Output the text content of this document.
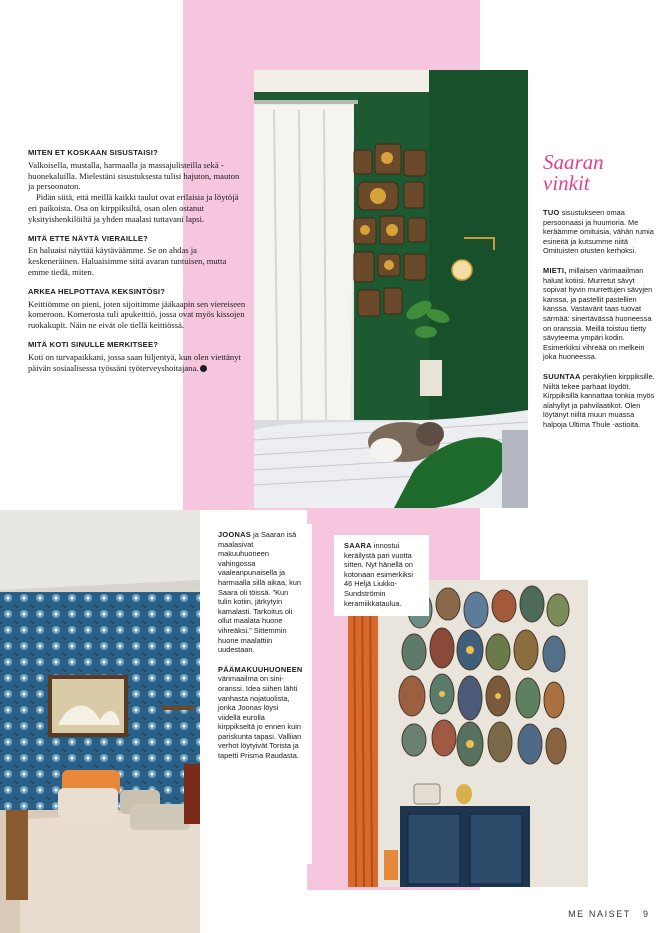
MITEN ET KOSKAAN SISUSTAISI?

Valkoisella, mustalla, harmaalla ja massajulisteilla sekä -huonekaluilla. Mielestäni sisustuksesta tulisi hajuton, mauton ja persoonaton.

Pidän siitä, että meillä kaikki taulut ovat erilaisia ja löytöjä eri paikoista. Osa on kirppiksiltä, osan olen ostanut yksityishenkilöiltä ja yhden maalasi tuttavani lapsi.

MITÄ ETTE NÄYTÄ VIERAILLE?

En haluaisi näyttää käytäväämme. Se on ahdas ja keskeneräinen. Haluaisimme siitä avaran tuntuisen, mutta emme tiedä, miten.

ARKEA HELPOTTAVA KEKSINTÖSI?

Keittiömme on pieni, joten sijoitimme jääkaapin sen viereiseen komeroon. Komerosta tuli apukeittiö, jossa ovat myös kissojen ruokakupit. Näin ne eivät ole tiellä keittiössä.

MITÄ KOTI SINULLE MERKITSEE?

Koti on turvapaikkani, jossa saan hiljentyä, kun olen viettänyt päivän sosiaalisessa työssäni työterveyshoitajana.

Saaran
vinkit

TUO sisustukseen omaa persoonaasi ja huumoria. Me keräämme omituisia, vähän rumia esineitä ja kutsumme niitä Omituisten otusten kerhoksi.

MIETI, millaisen värimaailman haluat kotiisi. Murretut sävyt sopivat hyvin murrettujen sävyjen kanssa, ja pastellit pastellien kanssa. Vastavärit taas tuovat särmää: sinertävässä huoneessa on oranssia. Meillä toistuu tietty sävyteema ympäri kodin. Esimerkiksi vihreää on melkein joka huoneessa.

SUUNTAA peräkylien kirppiksille. Niiltä tekee parhaat löydöt. Kirppiksillä kannattaa tonkia myös alahyllyt ja pahvilaatikot. Olen löytänyt niiltä muun muassa halpoja Ultima Thule -astioita.

JOONAS ja Saaran isä maalasivat makuuhuoneen vahingossa vaaleanpunaisella ja harmaalla sillä aikaa, kun Saara oli töissä. ”Kun tulin kotiin, järkytyin kamalasti. Tarkoitus oli ollut maalata huone vihreäksi.” Sittemmin huone maalattiin uudestaan.

PÄÄMAKUUHUONEEN värimaailma on sini-oranssi. Idea siihen lähti vanhasta nojatuolista, jonka Joonas löysi viidellä eurolla kirppikseltä jo ennen kuin pariskunta tapasi. Valliian verhot löytyivät Torista ja tapetti Prisma Raudasta.

SAARA innostui keräilystä pari vuotta sitten. Nyt hänellä on kotonaan esimerkiksi 46 Heljä Liukko-Sundströmin keramiikkataulua.

ME NAISET 9
